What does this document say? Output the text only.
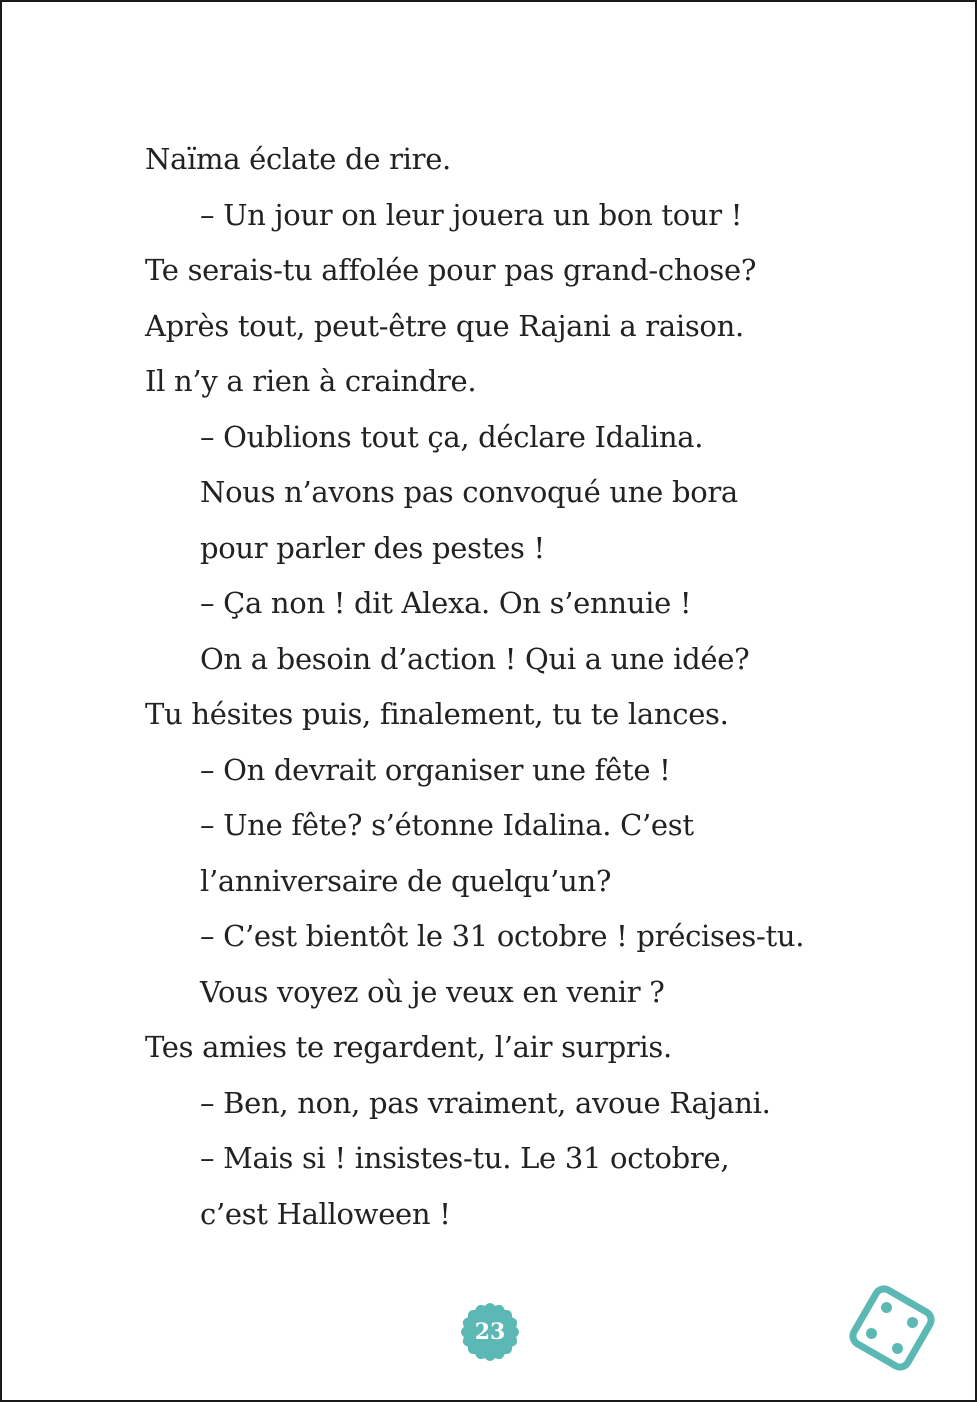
Naïma éclate de rire.
– Un jour on leur jouera un bon tour !
Te serais-tu affolée pour pas grand-chose?
Après tout, peut-être que Rajani a raison.
Il n’y a rien à craindre.
– Oublions tout ça, déclare Idalina.
Nous n’avons pas convoqué une bora
pour parler des pestes !
– Ça non ! dit Alexa. On s’ennuie !
On a besoin d’action ! Qui a une idée?
Tu hésites puis, finalement, tu te lances.
– On devrait organiser une fête !
– Une fête? s’étonne Idalina. C’est
l’anniversaire de quelqu’un?
– C’est bientôt le 31 octobre ! précises-tu.
Vous voyez où je veux en venir ?
Tes amies te regardent, l’air surpris.
– Ben, non, pas vraiment, avoue Rajani.
– Mais si ! insistes-tu. Le 31 octobre,
c’est Halloween !
23
